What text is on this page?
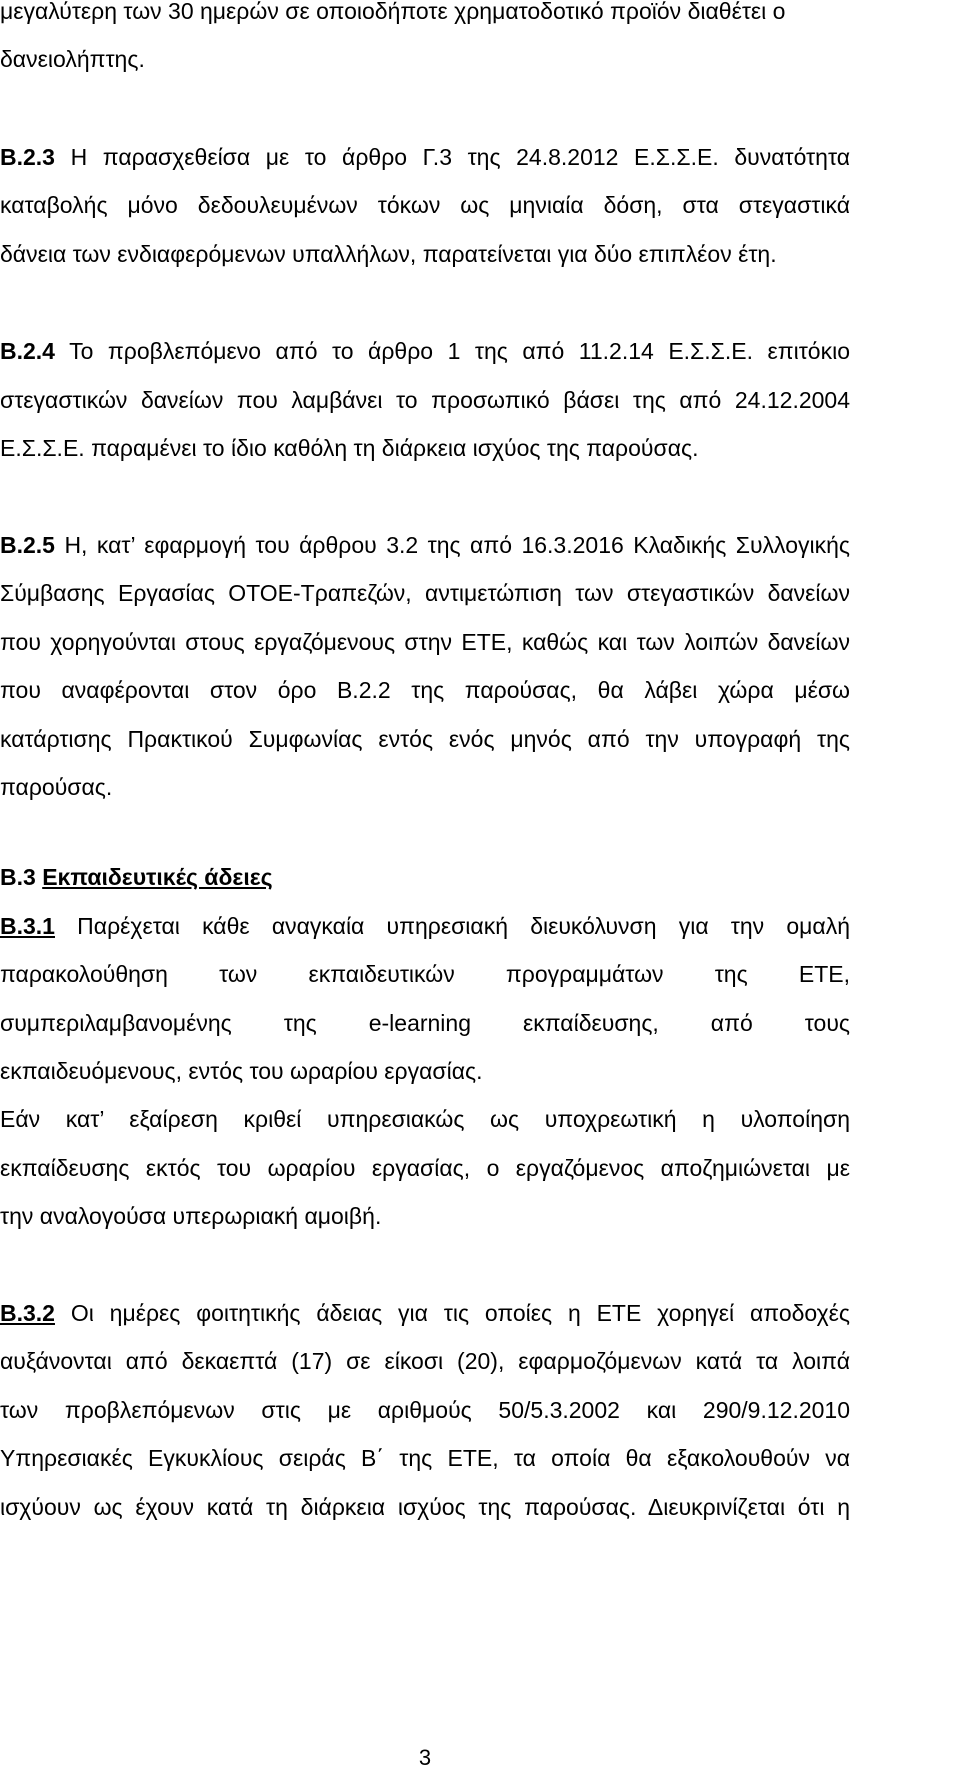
μεγαλύτερη των 30 ημερών σε οποιοδήποτε χρηματοδοτικό προϊόν διαθέτει ο
δανειολήπτης.
Β.2.3 Η παρασχεθείσα με το άρθρο Γ.3 της 24.8.2012 Ε.Σ.Σ.Ε. δυνατότητα
καταβολής μόνο δεδουλευμένων τόκων ως μηνιαία δόση, στα στεγαστικά
δάνεια των ενδιαφερόμενων υπαλλήλων, παρατείνεται για δύο επιπλέον έτη.
Β.2.4 Το προβλεπόμενο από το άρθρο 1 της από 11.2.14 Ε.Σ.Σ.Ε. επιτόκιο
στεγαστικών δανείων που λαμβάνει το προσωπικό βάσει της από 24.12.2004
Ε.Σ.Σ.Ε. παραμένει το ίδιο καθόλη τη διάρκεια ισχύος της παρούσας.
Β.2.5 Η, κατ’ εφαρμογή του άρθρου 3.2 της από 16.3.2016 Κλαδικής Συλλογικής
Σύμβασης Εργασίας ΟΤΟΕ-Τραπεζών, αντιμετώπιση των στεγαστικών δανείων
που χορηγούνται στους εργαζόμενους στην ΕΤΕ, καθώς και των λοιπών δανείων
που αναφέρονται στον όρο Β.2.2 της παρούσας, θα λάβει χώρα μέσω
κατάρτισης Πρακτικού Συμφωνίας εντός ενός μηνός από την υπογραφή της
παρούσας.
Β.3 Εκπαιδευτικές άδειες
Β.3.1 Παρέχεται κάθε αναγκαία υπηρεσιακή διευκόλυνση για την ομαλή
παρακολούθηση των εκπαιδευτικών προγραμμάτων της ΕΤΕ,
συμπεριλαμβανομένης της e-learning εκπαίδευσης, από τους
εκπαιδευόμενους, εντός του ωραρίου εργασίας.
Εάν κατ’ εξαίρεση κριθεί υπηρεσιακώς ως υποχρεωτική η υλοποίηση
εκπαίδευσης εκτός του ωραρίου εργασίας, ο εργαζόμενος αποζημιώνεται με
την αναλογούσα υπερωριακή αμοιβή.
Β.3.2 Οι ημέρες φοιτητικής άδειας για τις οποίες η ΕΤΕ χορηγεί αποδοχές
αυξάνονται από δεκαεπτά (17) σε είκοσι (20), εφαρμοζόμενων κατά τα λοιπά
των προβλεπόμενων στις με αριθμούς 50/5.3.2002 και 290/9.12.2010
Υπηρεσιακές Εγκυκλίους σειράς Β΄ της ΕΤΕ, τα οποία θα εξακολουθούν να
ισχύουν ως έχουν κατά τη διάρκεια ισχύος της παρούσας. Διευκρινίζεται ότι η
3
